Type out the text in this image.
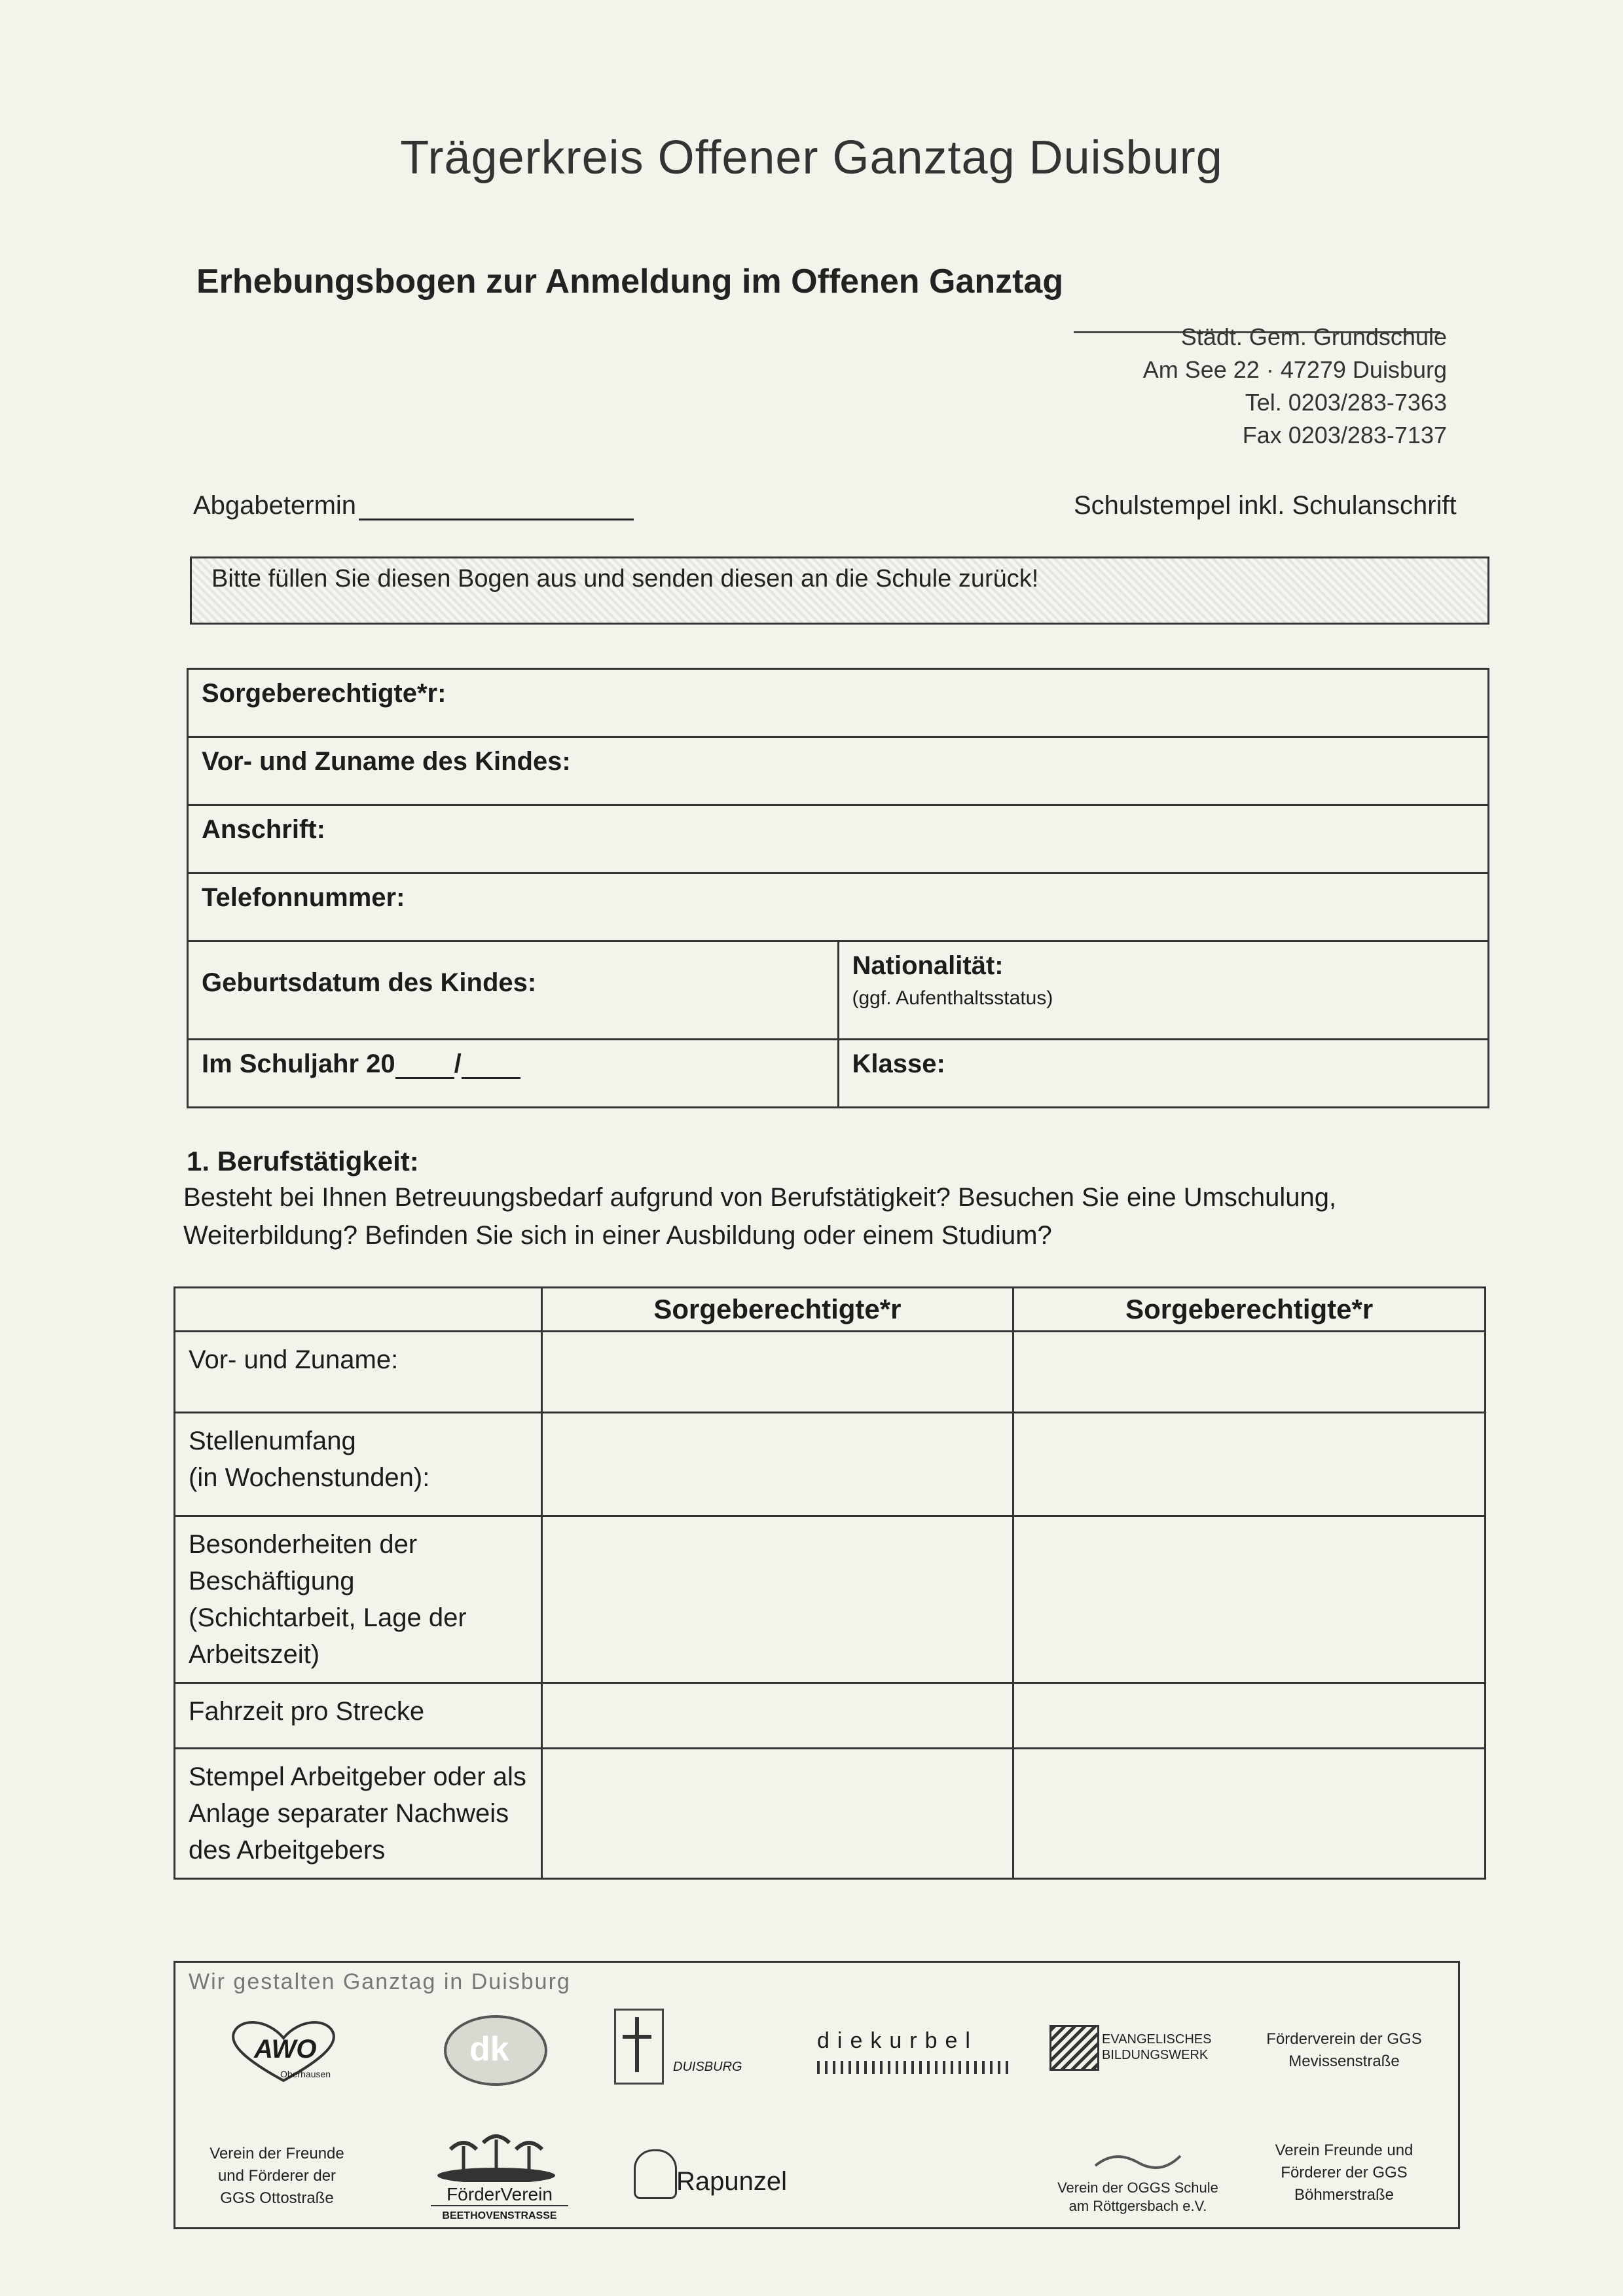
Trägerkreis Offener Ganztag Duisburg
Erhebungsbogen zur Anmeldung im Offenen Ganztag
Städt. Gem. Grundschule
Am See 22 · 47279 Duisburg
Tel. 0203/283-7363
Fax 0203/283-7137
Abgabetermin	Schulstempel inkl. Schulanschrift
Bitte füllen Sie diesen Bogen aus und senden diesen an die Schule zurück!
Sorgeberechtigte*r:	
Vor- und Zuname des Kindes:	
Anschrift:	
Telefonnummer:	
Geburtsdatum des Kindes:	Nationalität:
(ggf. Aufenthaltsstatus)

Im Schuljahr 20 /	Klasse:
1. Berufstätigkeit:
Besteht bei Ihnen Betreuungsbedarf aufgrund von Berufstätigkeit? Besuchen Sie eine Umschulung, Weiterbildung? Befinden Sie sich in einer Ausbildung oder einem Studium?
	Sorgeberechtigte*r	Sorgeberechtigte*r
Vor- und Zuname:		
Stellenumfang
(in Wochenstunden):		
Besonderheiten der Beschäftigung (Schichtarbeit, Lage der Arbeitszeit)		
Fahrzeit pro Strecke		
Stempel Arbeitgeber oder als Anlage separater Nachweis des Arbeitgebers		
Wir gestalten Ganztag in Duisburg
AWO
Oberhausen
dk	DUISBURG
diekurbel	EVANGELISCHES BILDUNGSWERK
Förderverein der GGS Mevissenstraße
Verein der Freunde und Förderer der GGS Ottostraße	FörderVerein
BEETHOVENSTRASSE
Rapunzel	Verein der OGGS Schule am Röttgersbach e.V.
Verein Freunde und Förderer der GGS Böhmerstraße
